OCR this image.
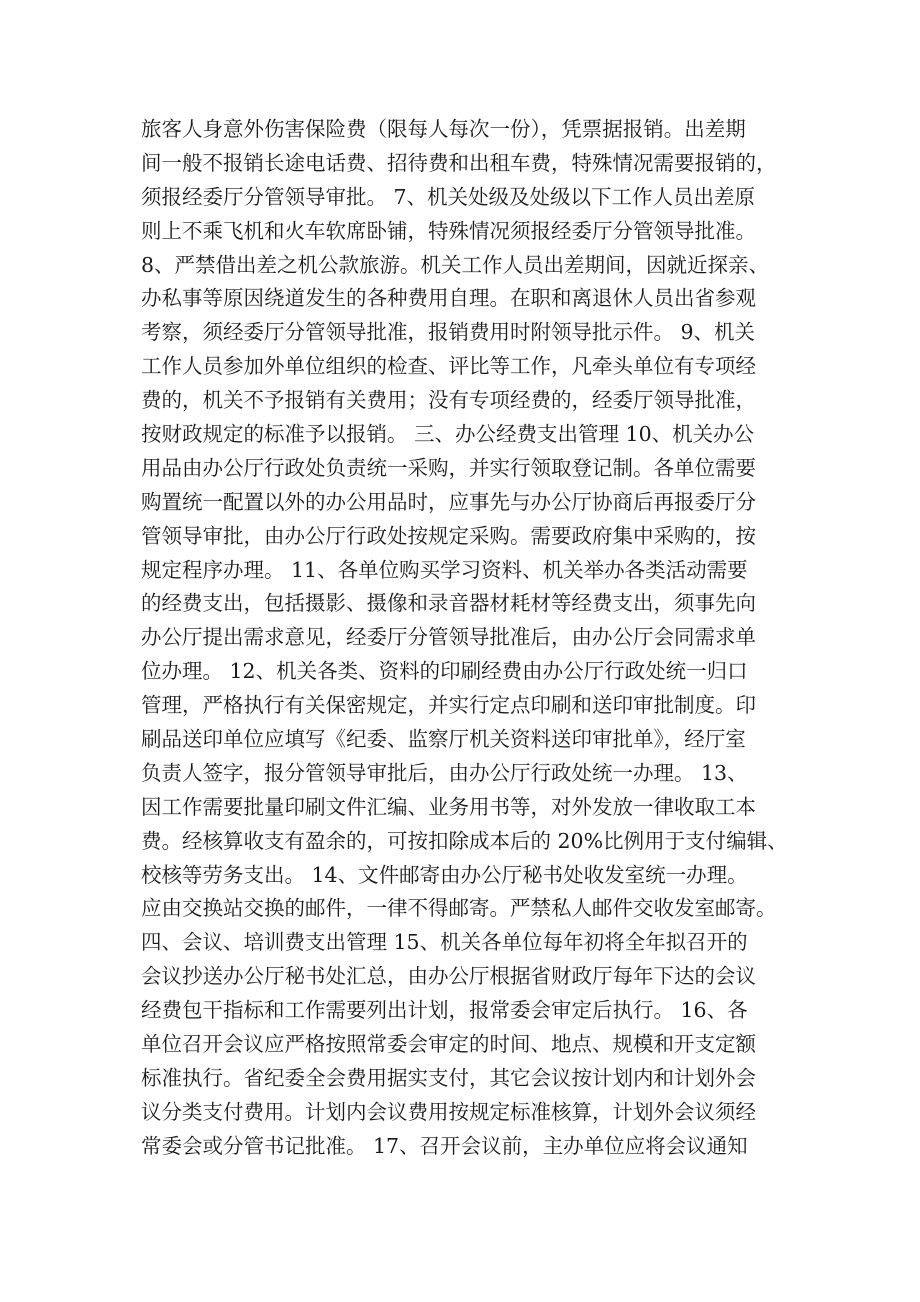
旅客人身意外伤害保险费（限每人每次一份），凭票据报销。出差期
间一般不报销长途电话费、招待费和出租车费，特殊情况需要报销的，
须报经委厅分管领导审批。 7、机关处级及处级以下工作人员出差原
则上不乘飞机和火车软席卧铺，特殊情况须报经委厅分管领导批准。
8、严禁借出差之机公款旅游。机关工作人员出差期间，因就近探亲、
办私事等原因绕道发生的各种费用自理。在职和离退休人员出省参观
考察，须经委厅分管领导批准，报销费用时附领导批示件。 9、机关
工作人员参加外单位组织的检查、评比等工作，凡牵头单位有专项经
费的，机关不予报销有关费用；没有专项经费的，经委厅领导批准，
按财政规定的标准予以报销。 三、办公经费支出管理 10、机关办公
用品由办公厅行政处负责统一采购，并实行领取登记制。各单位需要
购置统一配置以外的办公用品时，应事先与办公厅协商后再报委厅分
管领导审批，由办公厅行政处按规定采购。需要政府集中采购的，按
规定程序办理。 11、各单位购买学习资料、机关举办各类活动需要
的经费支出，包括摄影、摄像和录音器材耗材等经费支出，须事先向
办公厅提出需求意见，经委厅分管领导批准后，由办公厅会同需求单
位办理。 12、机关各类、资料的印刷经费由办公厅行政处统一归口
管理，严格执行有关保密规定，并实行定点印刷和送印审批制度。印
刷品送印单位应填写《纪委、监察厅机关资料送印审批单》，经厅室
负责人签字，报分管领导审批后，由办公厅行政处统一办理。 13、
因工作需要批量印刷文件汇编、业务用书等，对外发放一律收取工本
费。经核算收支有盈余的，可按扣除成本后的 20%比例用于支付编辑、
校核等劳务支出。 14、文件邮寄由办公厅秘书处收发室统一办理。
应由交换站交换的邮件，一律不得邮寄。严禁私人邮件交收发室邮寄。
四、会议、培训费支出管理 15、机关各单位每年初将全年拟召开的
会议抄送办公厅秘书处汇总，由办公厅根据省财政厅每年下达的会议
经费包干指标和工作需要列出计划，报常委会审定后执行。 16、各
单位召开会议应严格按照常委会审定的时间、地点、规模和开支定额
标准执行。省纪委全会费用据实支付，其它会议按计划内和计划外会
议分类支付费用。计划内会议费用按规定标准核算，计划外会议须经
常委会或分管书记批准。 17、召开会议前，主办单位应将会议通知
